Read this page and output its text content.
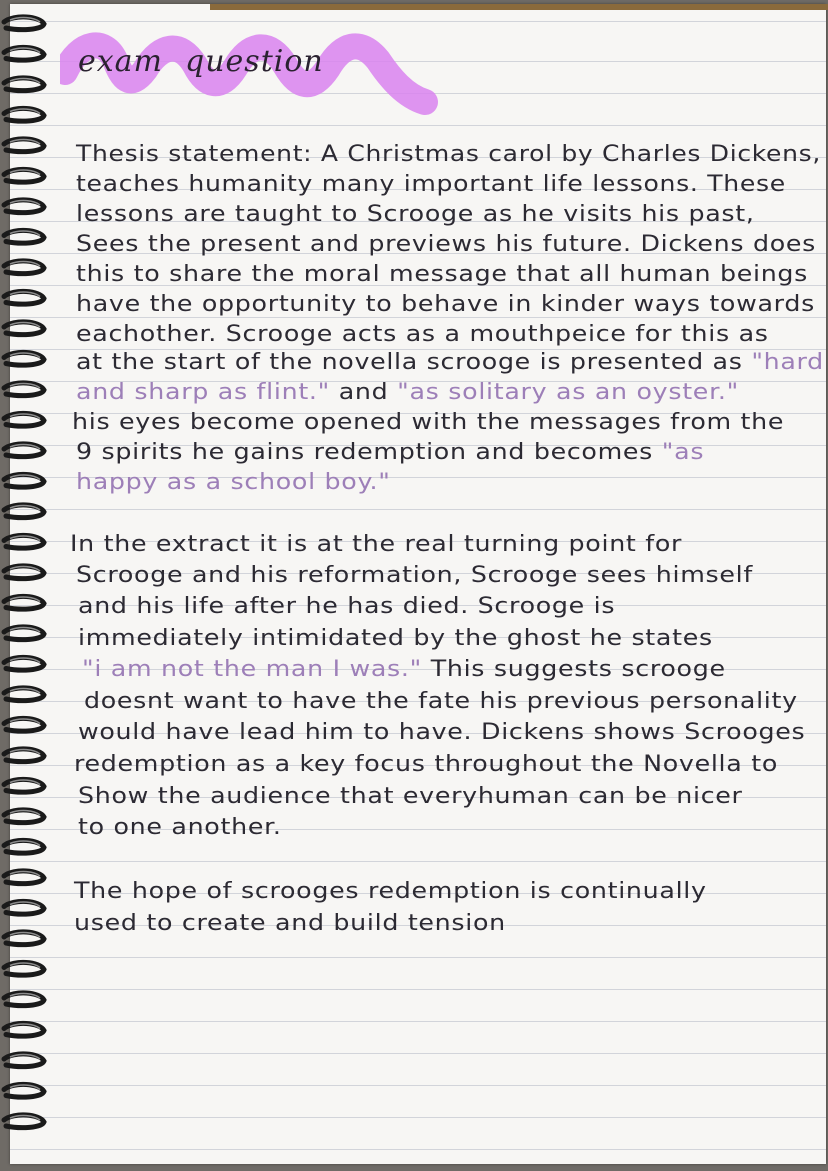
exam question
Thesis statement: A Christmas carol by Charles Dickens,
teaches humanity many important life lessons. These
lessons are taught to Scrooge as he visits his past,
Sees the present and previews his future. Dickens does
this to share the moral message that all human beings
have the opportunity to behave in kinder ways towards
eachother. Scrooge acts as a mouthpeice for this as
at the start of the novella scrooge is presented as "hard
and sharp as flint." and "as solitary as an oyster."
his eyes become opened with the messages from the
9 spirits he gains redemption and becomes "as
happy as a school boy."
In the extract it is at the real turning point for
Scrooge and his reformation, Scrooge sees himself
and his life after he has died. Scrooge is
immediately intimidated by the ghost he states
"i am not the man I was." This suggests scrooge
doesnt want to have the fate his previous personality
would have lead him to have. Dickens shows Scrooges
redemption as a key focus throughout the Novella to
Show the audience that everyhuman can be nicer
to one another.
The hope of scrooges redemption is continually
used to create and build tension
